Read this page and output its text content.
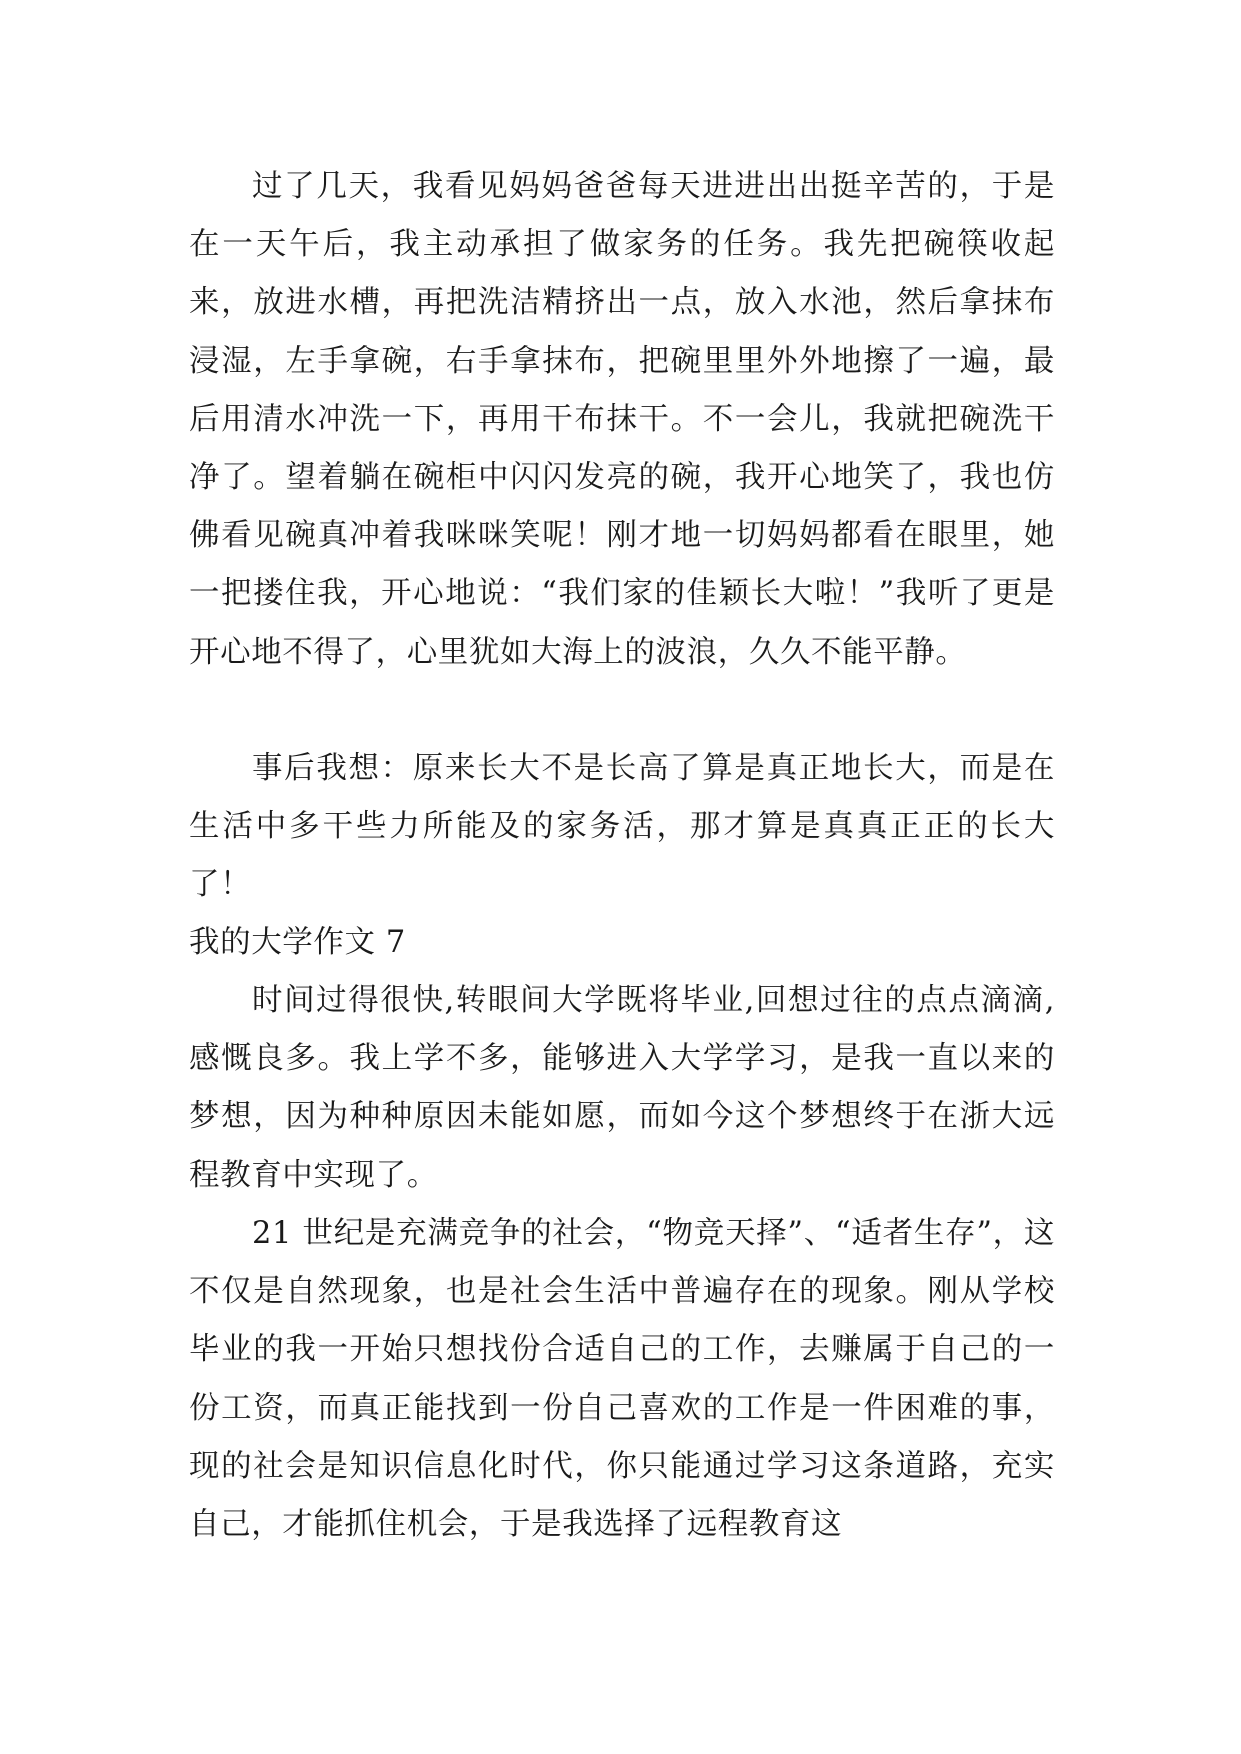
过了几天，我看见妈妈爸爸每天进进出出挺辛苦的，于是在一天午后，我主动承担了做家务的任务。我先把碗筷收起来，放进水槽，再把洗洁精挤出一点，放入水池，然后拿抹布浸湿，左手拿碗，右手拿抹布，把碗里里外外地擦了一遍，最后用清水冲洗一下，再用干布抹干。不一会儿，我就把碗洗干净了。望着躺在碗柜中闪闪发亮的碗，我开心地笑了，我也仿佛看见碗真冲着我咪咪笑呢！刚才地一切妈妈都看在眼里，她一把搂住我，开心地说：“我们家的佳颖长大啦！”我听了更是开心地不得了，心里犹如大海上的波浪，久久不能平静。

事后我想：原来长大不是长高了算是真正地长大，而是在生活中多干些力所能及的家务活，那才算是真真正正的长大了！

我的大学作文 7

时间过得很快,转眼间大学既将毕业,回想过往的点点滴滴,感慨良多。我上学不多，能够进入大学学习，是我一直以来的梦想，因为种种原因未能如愿，而如今这个梦想终于在浙大远程教育中实现了。

21 世纪是充满竞争的社会，“物竞天择”、“适者生存”，这不仅是自然现象，也是社会生活中普遍存在的现象。刚从学校毕业的我一开始只想找份合适自己的工作，去赚属于自己的一份工资，而真正能找到一份自己喜欢的工作是一件困难的事，现的社会是知识信息化时代，你只能通过学习这条道路，充实自己，才能抓住机会，于是我选择了远程教育这
